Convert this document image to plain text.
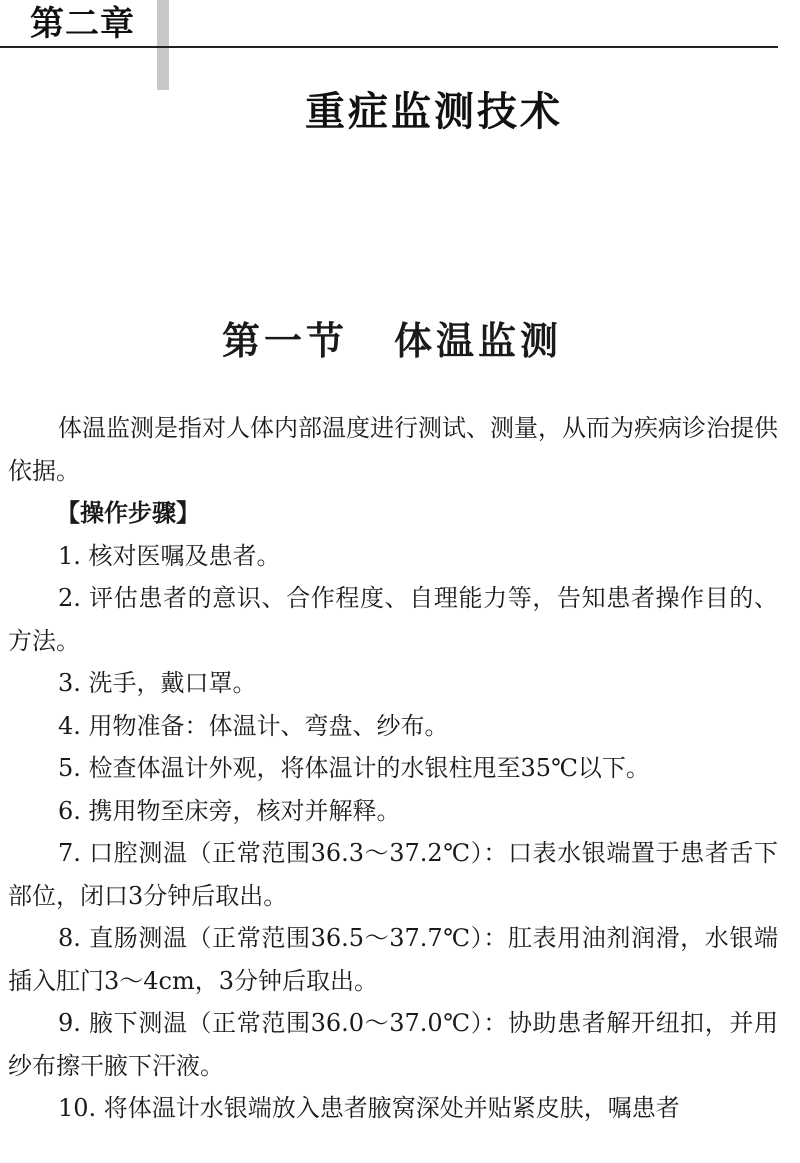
第二章
重症监测技术
第一节 体温监测

体温监测是指对人体内部温度进行测试、测量，从而为疾病诊治提供依据。

【操作步骤】

1. 核对医嘱及患者。

2. 评估患者的意识、合作程度、自理能力等，告知患者操作目的、方法。

3. 洗手，戴口罩。

4. 用物准备：体温计、弯盘、纱布。

5. 检查体温计外观，将体温计的水银柱甩至35℃以下。

6. 携用物至床旁，核对并解释。

7. 口腔测温（正常范围36.3～37.2℃）：口表水银端置于患者舌下部位，闭口3分钟后取出。

8. 直肠测温（正常范围36.5～37.7℃）：肛表用油剂润滑，水银端插入肛门3～4cm，3分钟后取出。

9. 腋下测温（正常范围36.0～37.0℃）：协助患者解开纽扣，并用纱布擦干腋下汗液。

10. 将体温计水银端放入患者腋窝深处并贴紧皮肤，嘱患者
